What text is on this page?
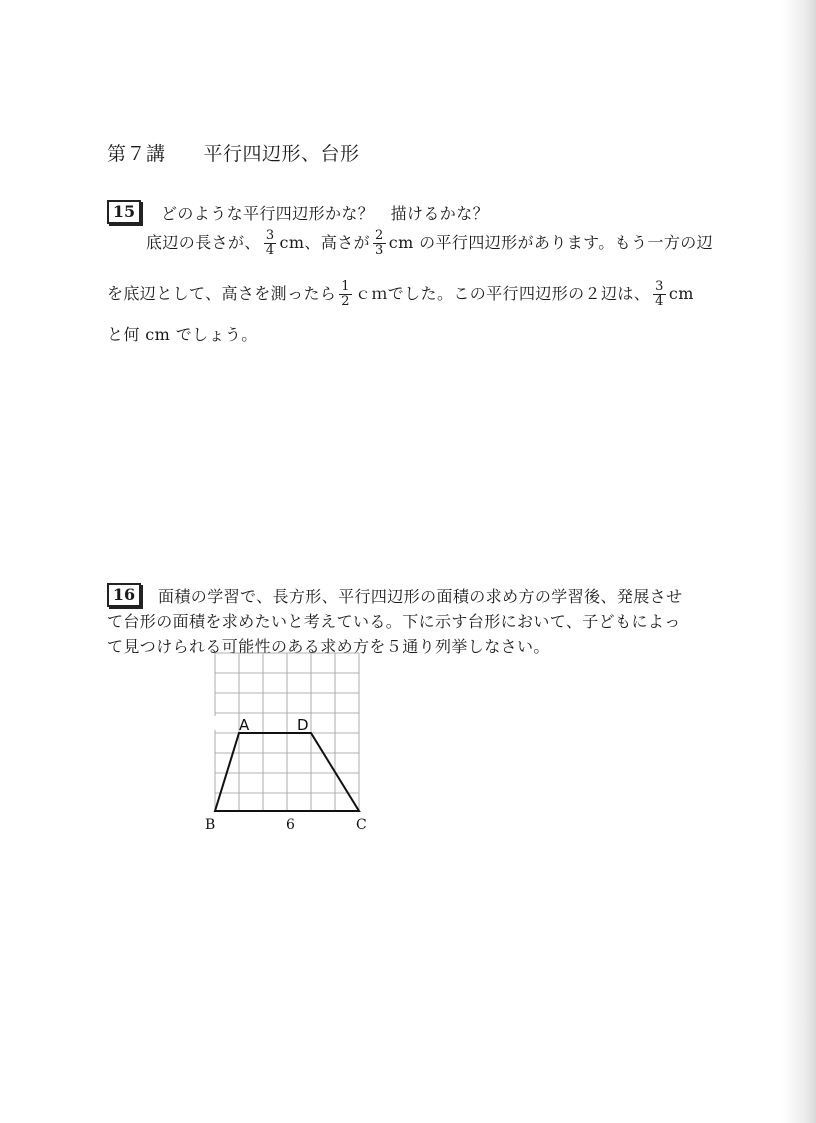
第７講 平行四辺形、台形
15	どのような平行四辺形かな？　描けるかな？
底辺の長さが、 $\frac{3}{4}$ cm、高さが $\frac{2}{3}$ cm の平行四辺形があります。もう一方の辺
を底辺として、高さを測ったら $\frac{1}{2}$ ｃｍでした。この平行四辺形の２辺は、 $\frac{3}{4}$ cm
と何 cm でしょう。
16	面積の学習で、長方形、平行四辺形の面積の求め方の学習後、発展させ
て台形の面積を求めたいと考えている。下に示す台形において、子どもによっ
て見つけられる可能性のある求め方を５通り列挙しなさい。
A	D
B	6	C
